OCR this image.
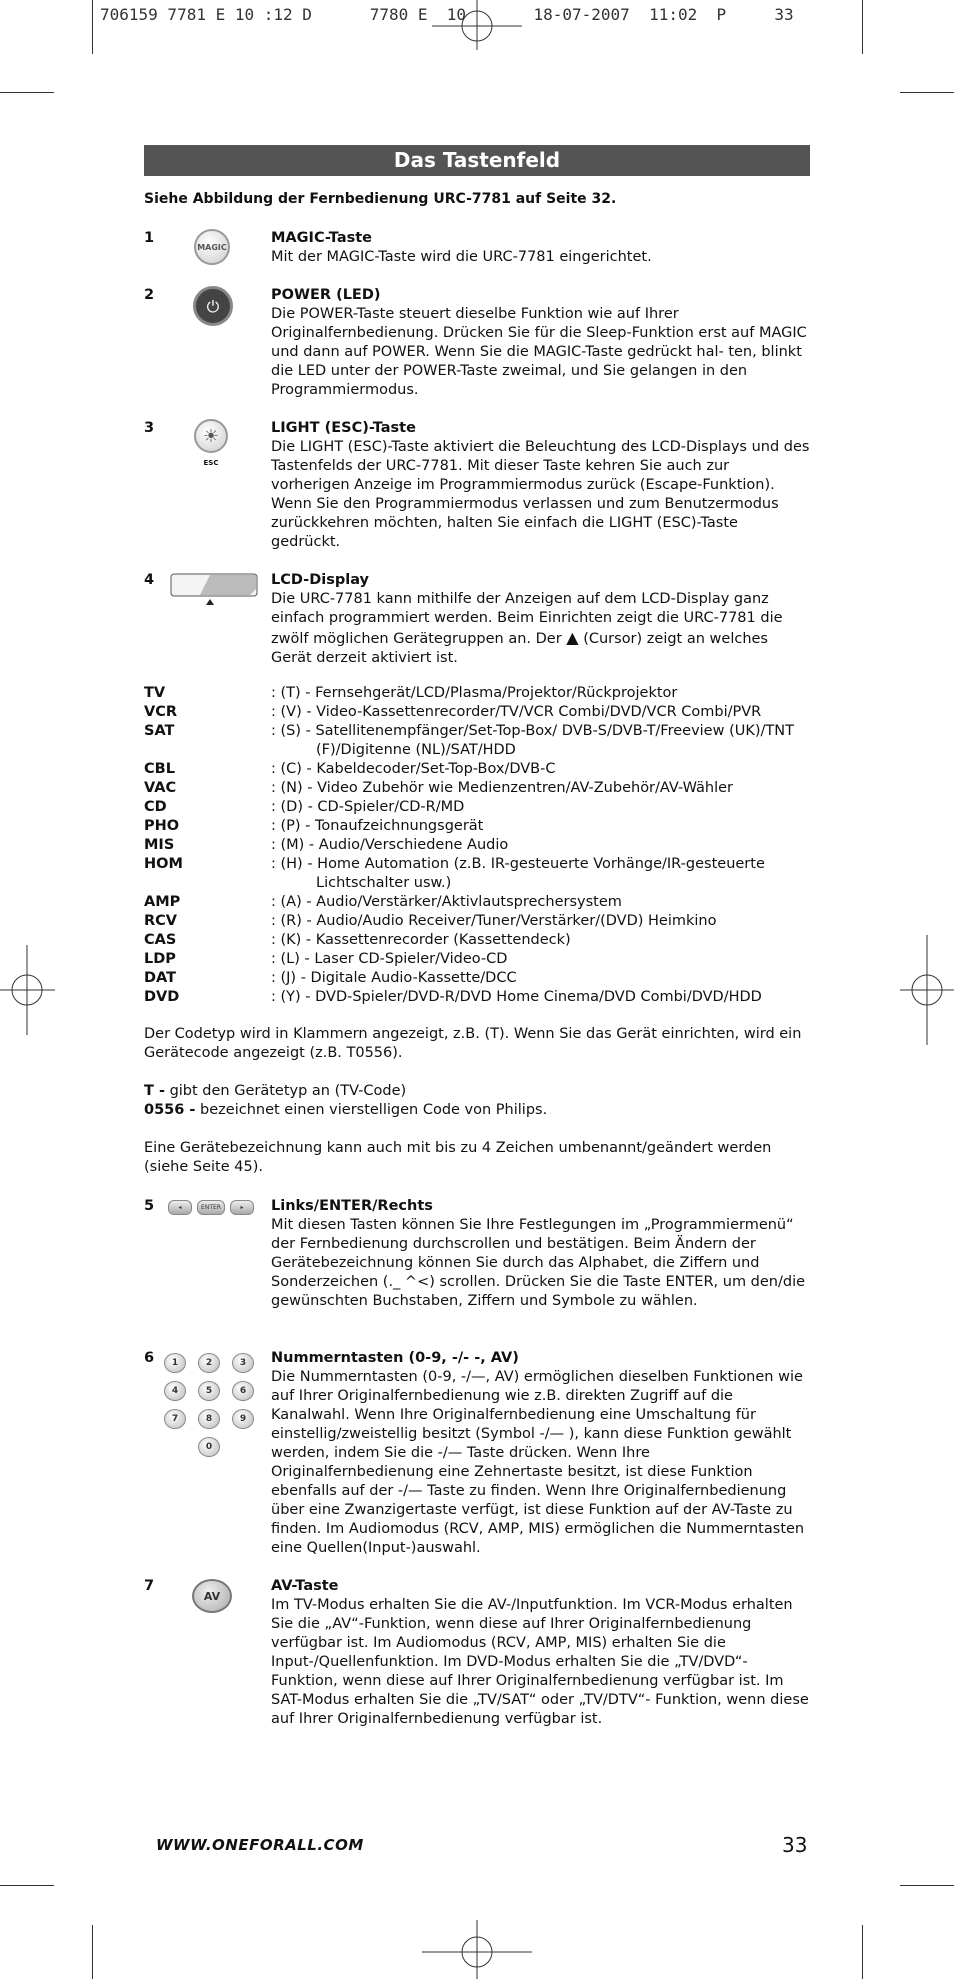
706159 7781 E 10 :12 D	7780 E  10	18-07-2007  11:02  P	33
Das Tastenfeld
Siehe Abbildung der Fernbedienung URC-7781 auf Seite 32.
1
MAGIC

MAGIC-Taste

Mit der MAGIC-Taste wird die URC-7781 eingerichtet.

2
⏻

POWER (LED)

Die POWER-Taste steuert dieselbe Funktion wie auf Ihrer Originalfernbedienung. Drücken Sie für die Sleep-Funktion erst auf MAGIC und dann auf POWER. Wenn Sie die MAGIC-Taste gedrückt hal- ten, blinkt die LED unter der POWER-Taste zweimal, und Sie gelangen in den Programmiermodus.

3	☀
ESC

LIGHT (ESC)-Taste

Die LIGHT (ESC)-Taste aktiviert die Beleuchtung des LCD-Displays und des Tastenfelds der URC-7781. Mit dieser Taste kehren Sie auch zur vorherigen Anzeige im Programmiermodus zurück (Escape-Funktion). Wenn Sie den Programmiermodus verlassen und zum Benutzermodus zurückkehren möchten, halten Sie einfach die LIGHT (ESC)-Taste gedrückt.

4	LCD-Display

Die URC-7781 kann mithilfe der Anzeigen auf dem LCD-Display ganz einfach programmiert werden. Beim Einrichten zeigt die URC-7781 die zwölf möglichen Gerätegruppen an. Der ▲ (Cursor) zeigt an welches Gerät derzeit aktiviert ist.

TV	: (T) - Fernsehgerät/LCD/Plasma/Projektor/Rückprojektor
VCR	: (V) - Video-Kassettenrecorder/TV/VCR Combi/DVD/VCR Combi/PVR
SAT	: (S) - Satellitenempfänger/Set-Top-Box/ DVB-S/DVB-T/Freeview (UK)/TNT (F)/Digitenne (NL)/SAT/HDD
CBL	: (C) - Kabeldecoder/Set-Top-Box/DVB-C
VAC	: (N) - Video Zubehör wie Medienzentren/AV-Zubehör/AV-Wähler
CD	: (D) - CD-Spieler/CD-R/MD
PHO	: (P) - Tonaufzeichnungsgerät
MIS	: (M) - Audio/Verschiedene Audio
HOM	: (H) - Home Automation (z.B. IR-gesteuerte Vorhänge/IR-gesteuerte Lichtschalter usw.)
AMP	: (A) - Audio/Verstärker/Aktivlautsprechersystem
RCV	: (R) - Audio/Audio Receiver/Tuner/Verstärker/(DVD) Heimkino
CAS	: (K) - Kassettenrecorder (Kassettendeck)
LDP	: (L) - Laser CD-Spieler/Video-CD
DAT	: (J) - Digitale Audio-Kassette/DCC
DVD	: (Y) - DVD-Spieler/DVD-R/DVD Home Cinema/DVD Combi/DVD/HDD

Der Codetyp wird in Klammern angezeigt, z.B. (T). Wenn Sie das Gerät einrichten, wird ein Gerätecode angezeigt (z.B. T0556).

T - gibt den Gerätetyp an (TV-Code)

0556 - bezeichnet einen vierstelligen Code von Philips.

Eine Gerätebezeichnung kann auch mit bis zu 4 Zeichen umbenannt/geändert werden (siehe Seite 45).

5	◂	ENTER	▸	Links/ENTER/Rechts

Mit diesen Tasten können Sie Ihre Festlegungen im „Programmiermenü“ der Fernbedienung durchscrollen und bestätigen. Beim Ändern der Gerätebezeichnung können Sie durch das Alphabet, die Ziffern und Sonderzeichen (._ ^<) scrollen. Drücken Sie die Taste ENTER, um den/die gewünschten Buchstaben, Ziffern und Symbole zu wählen.

6	1	2	3
4	5	6
7	8	9
0

Nummerntasten (0-9, -/- -, AV)

Die Nummerntasten (0-9, -/—, AV) ermöglichen dieselben Funktionen wie auf Ihrer Originalfernbedienung wie z.B. direkten Zugriff auf die Kanalwahl. Wenn Ihre Originalfernbedienung eine Umschaltung für einstellig/zweistellig besitzt (Symbol -/— ), kann diese Funktion gewählt werden, indem Sie die -/— Taste drücken. Wenn Ihre Originalfernbedienung eine Zehnertaste besitzt, ist diese Funktion ebenfalls auf der -/— Taste zu finden. Wenn Ihre Originalfernbedienung über eine Zwanzigertaste verfügt, ist diese Funktion auf der AV-Taste zu finden. Im Audiomodus (RCV, AMP, MIS) ermöglichen die Nummerntasten eine Quellen(Input-)auswahl.

7
AV

AV-Taste

Im TV-Modus erhalten Sie die AV-/Inputfunktion. Im VCR-Modus erhalten Sie die „AV“-Funktion, wenn diese auf Ihrer Originalfernbedienung verfügbar ist. Im Audiomodus (RCV, AMP, MIS) erhalten Sie die Input-/Quellenfunktion. Im DVD-Modus erhalten Sie die „TV/DVD“-Funktion, wenn diese auf Ihrer Originalfernbedienung verfügbar ist. Im SAT-Modus erhalten Sie die „TV/SAT“ oder „TV/DTV“- Funktion, wenn diese auf Ihrer Originalfernbedienung verfügbar ist.

WWW.ONEFORALL.COM	33
